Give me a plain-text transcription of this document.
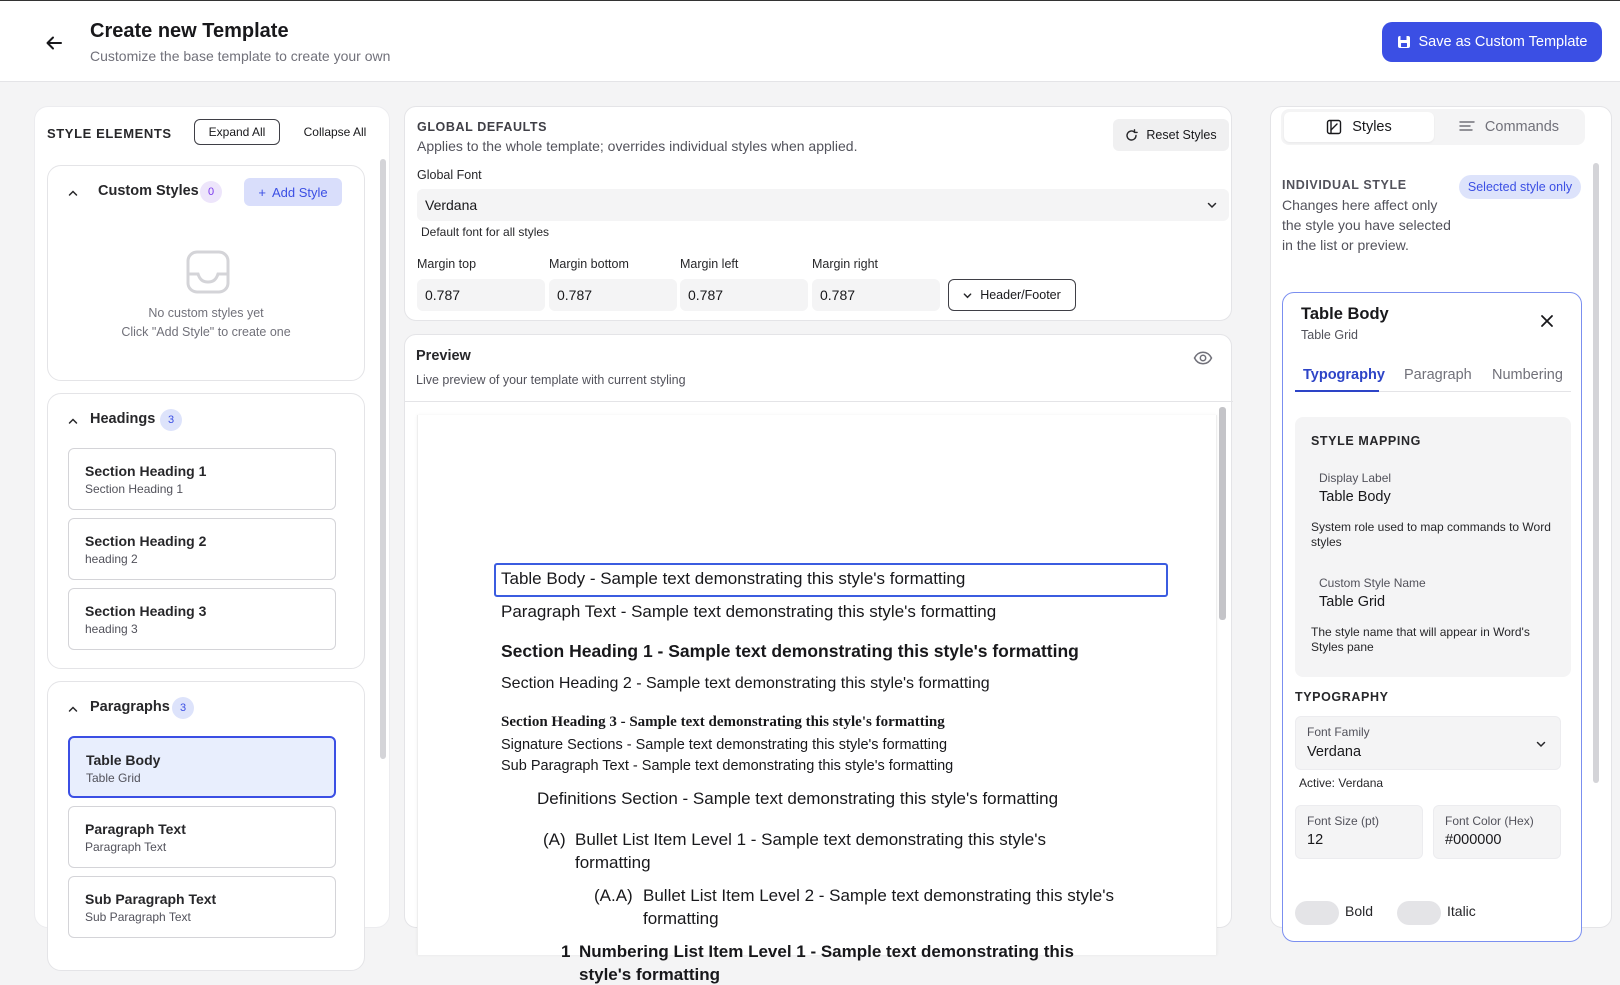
Create new Template
Customize the base template to create your own
Save as Custom Template
STYLE ELEMENTS	Expand All	Collapse All
Custom Styles 0	+ Add Style
No custom styles yet
Click "Add Style" to create one
Headings	3
Section Heading 1
Section Heading 1
Section Heading 2
heading 2
Section Heading 3
heading 3
Paragraphs 3
Table Body
Table Grid
Paragraph Text
Paragraph Text
Sub Paragraph Text
Sub Paragraph Text
GLOBAL DEFAULTS
Applies to the whole template; overrides individual styles when applied.
Reset Styles
Global Font
Verdana
Default font for all styles
Margin top
0.787	Margin bottom
0.787	Margin left
0.787	Margin right
0.787
Header/Footer
Preview
Live preview of your template with current styling
Table Body - Sample text demonstrating this style's formatting
Paragraph Text - Sample text demonstrating this style's formatting
Section Heading 1 - Sample text demonstrating this style's formatting
Section Heading 2 - Sample text demonstrating this style's formatting
Section Heading 3 - Sample text demonstrating this style's formatting
Signature Sections - Sample text demonstrating this style's formatting
Sub Paragraph Text - Sample text demonstrating this style's formatting
Definitions Section - Sample text demonstrating this style's formatting
(A) Bullet List Item Level 1 - Sample text demonstrating this style's
formatting
(A.A) Bullet List Item Level 2 - Sample text demonstrating this style's
formatting
1 Numbering List Item Level 1 - Sample text demonstrating this
style's formatting
Styles	Commands
INDIVIDUAL STYLE
Changes here affect only the style you have selected in the list or preview.
Selected style only
Table Body
Table Grid
Typography Paragraph Numbering
STYLE MAPPING
Display Label
Table Body
System role used to map commands to Word styles
Custom Style Name
Table Grid
The style name that will appear in Word's Styles pane
TYPOGRAPHY
Font Family
Verdana
Active: Verdana
Font Size (pt)
12	Font Color (Hex)
#000000
Bold	Italic
